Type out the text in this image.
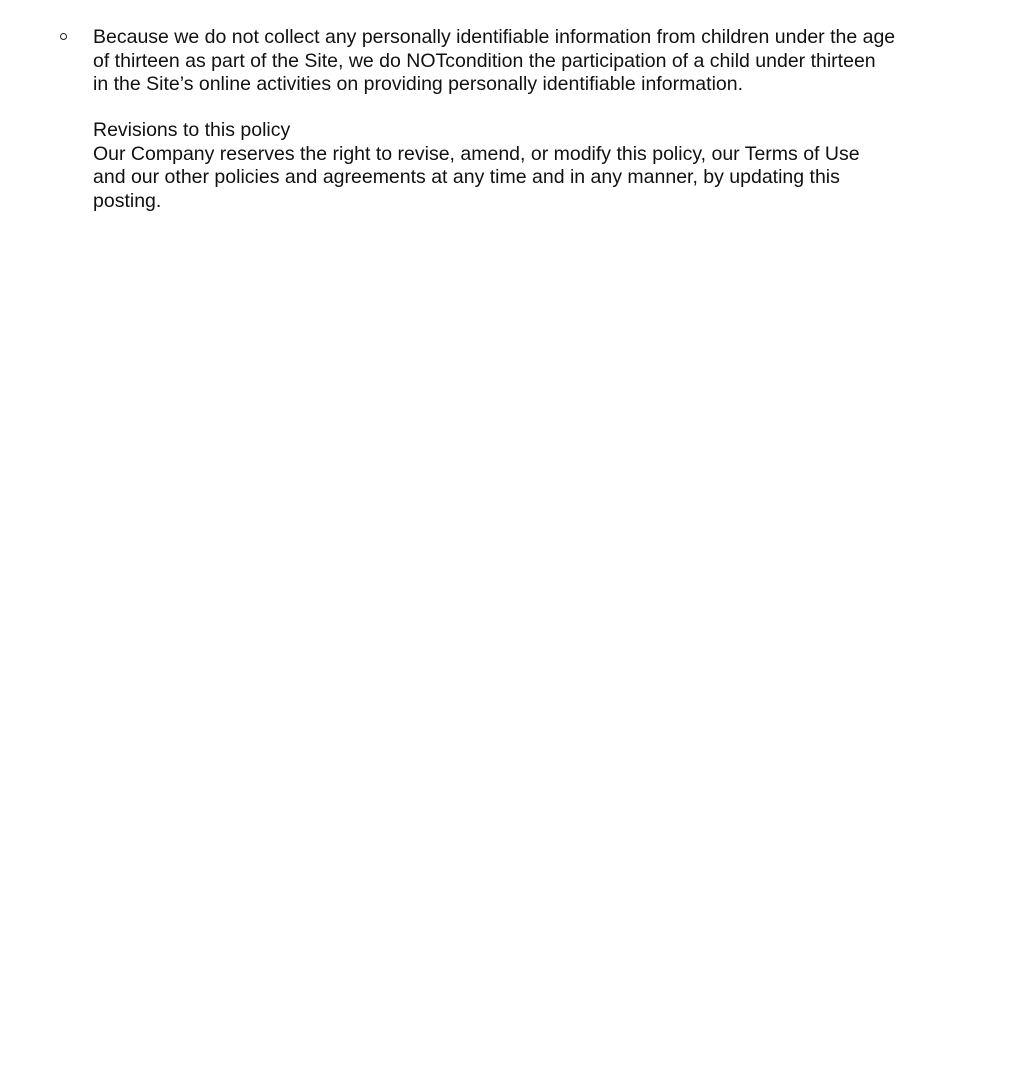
Because we do not collect any personally identifiable information from children under the age
of thirteen as part of the Site, we do NOTcondition the participation of a child under thirteen
in the Site’s online activities on providing personally identifiable information.

Revisions to this policy

Our Company reserves the right to revise, amend, or modify this policy, our Terms of Use
and our other policies and agreements at any time and in any manner, by updating this
posting.
